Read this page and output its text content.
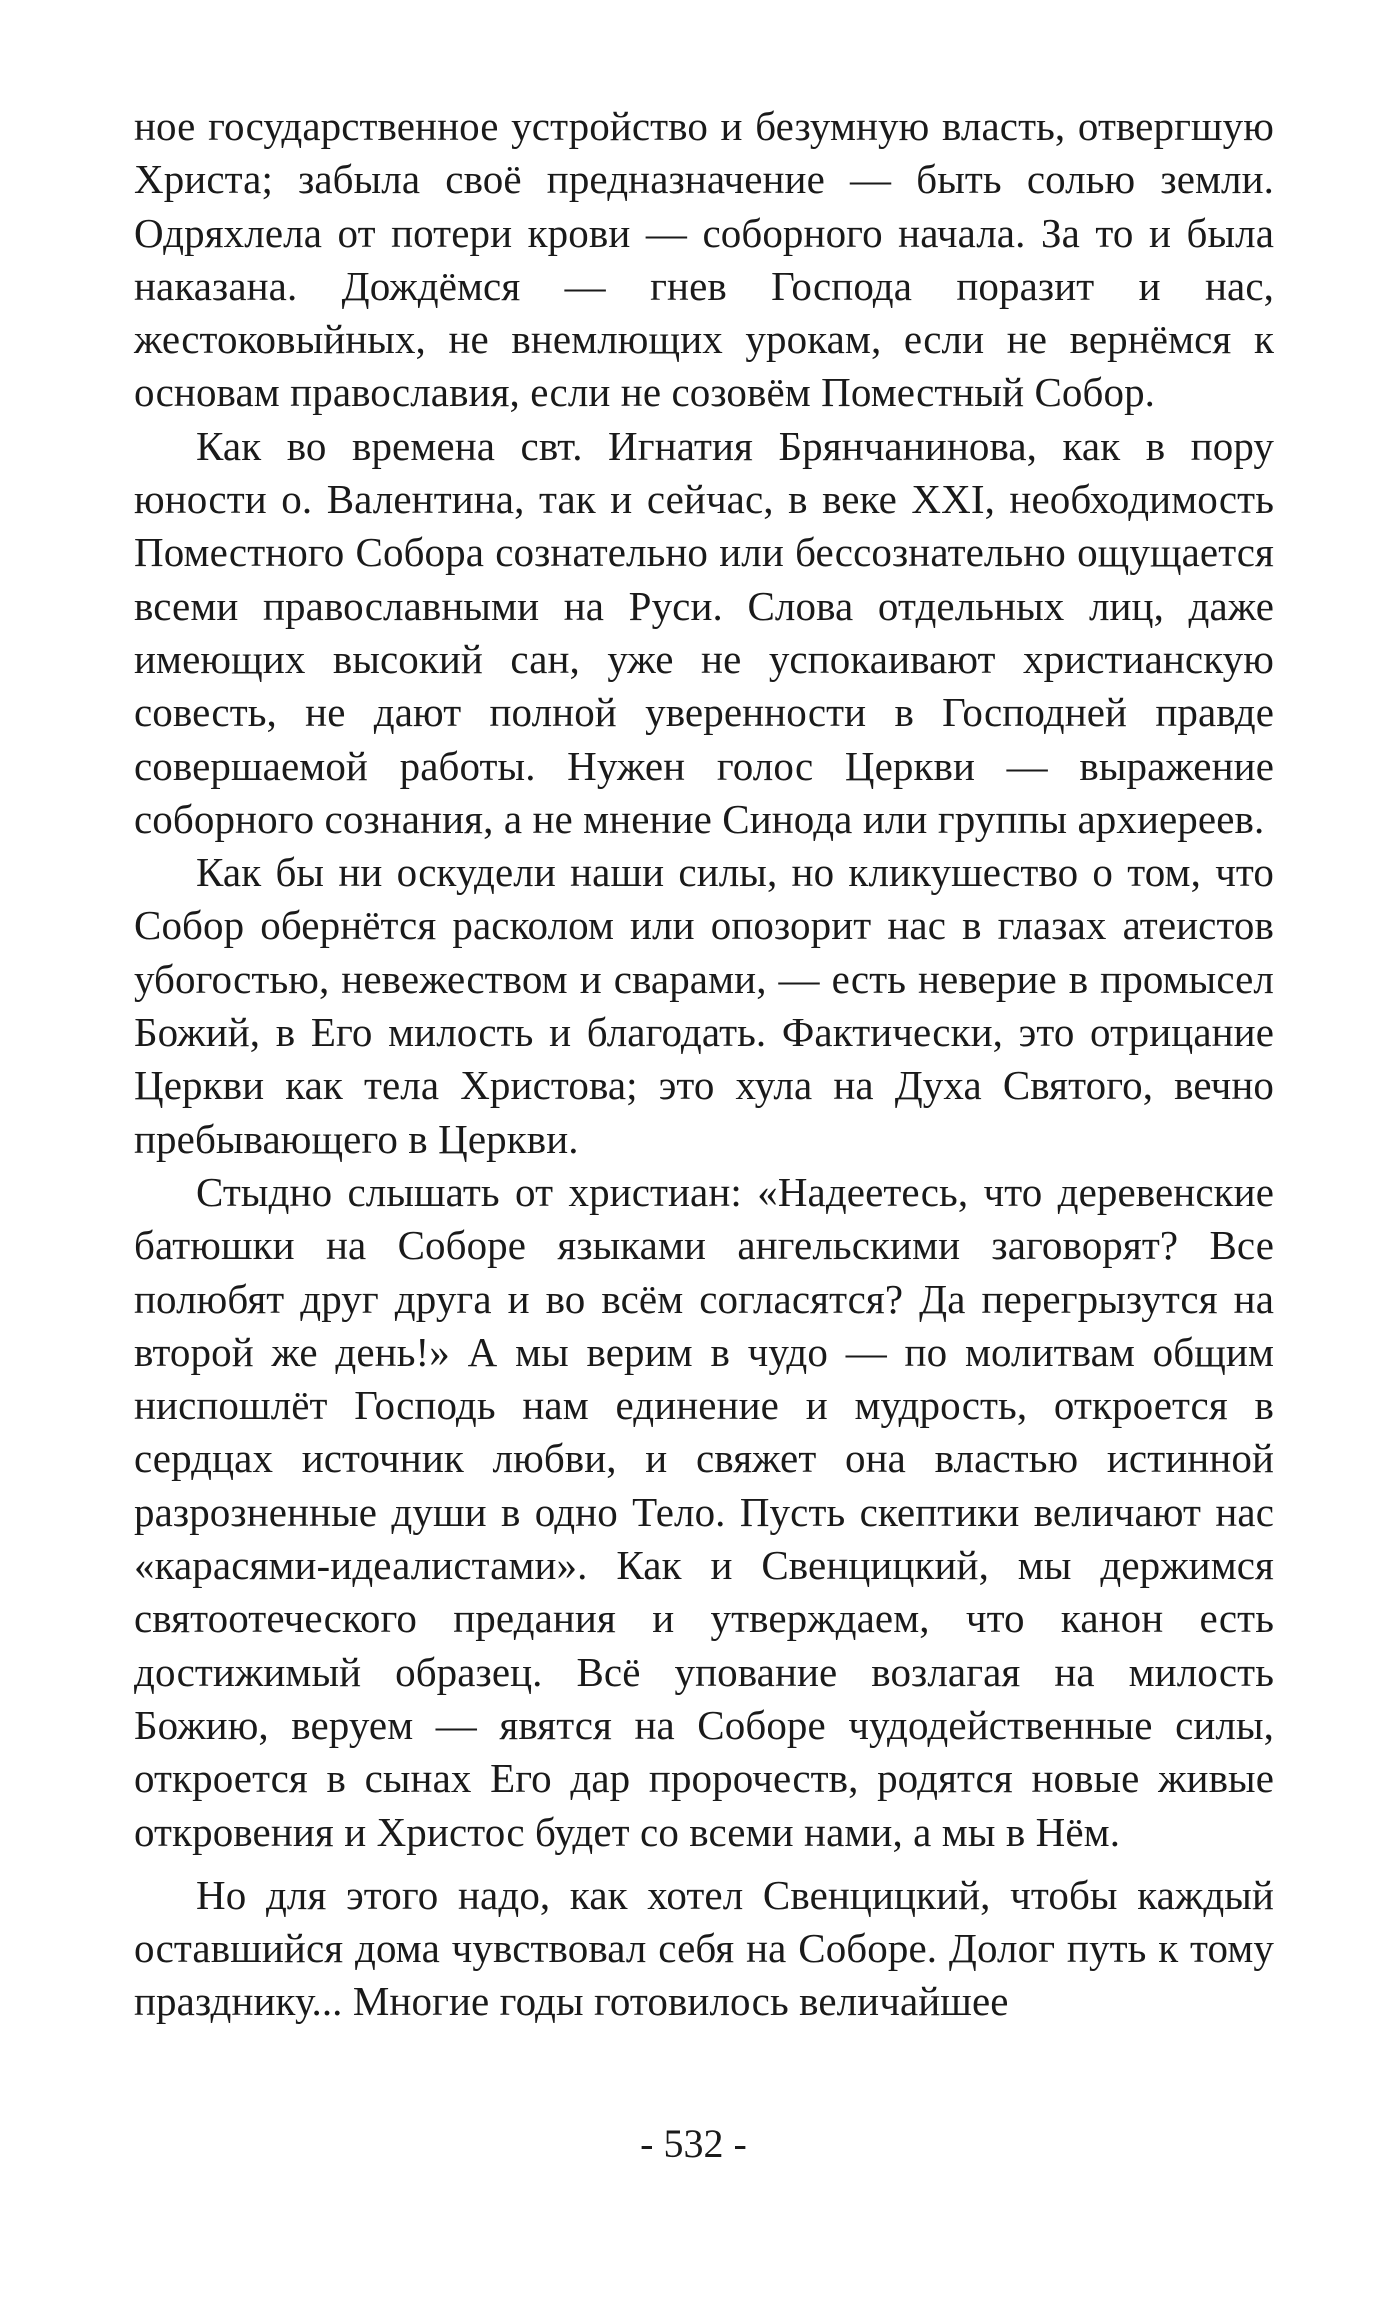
ное государственное устройство и безумную власть, отвергшую Христа; забыла своё предназначение — быть солью земли. Одряхлела от потери крови — соборного начала. За то и была наказана. Дождёмся — гнев Господа поразит и нас, жестоковыйных, не внемлющих урокам, если не вернёмся к основам православия, если не созовём Поместный Собор.

Как во времена свт. Игнатия Брянчанинова, как в пору юности о. Валентина, так и сейчас, в веке XXI, необходимость Поместного Собора сознательно или бессознательно ощущается всеми православными на Руси. Слова отдельных лиц, даже имеющих высокий сан, уже не успокаивают христианскую совесть, не дают полной уверенности в Господней правде совершаемой работы. Нужен голос Церкви — выражение соборного сознания, а не мнение Синода или группы архиереев.

Как бы ни оскудели наши силы, но кликушество о том, что Собор обернётся расколом или опозорит нас в глазах атеистов убогостью, невежеством и сварами, — есть неверие в промысел Божий, в Его милость и благодать. Фактически, это отрицание Церкви как тела Христова; это хула на Духа Святого, вечно пребывающего в Церкви.

Стыдно слышать от христиан: «Надеетесь, что деревенские батюшки на Соборе языками ангельскими заговорят? Все полюбят друг друга и во всём согласятся? Да перегрызутся на второй же день!» А мы верим в чудо — по молитвам общим ниспошлёт Господь нам единение и мудрость, откроется в сердцах источник любви, и свяжет она властью истинной разрозненные души в одно Тело. Пусть скептики величают нас «карасями-идеалистами». Как и Свенцицкий, мы держимся святоотеческого предания и утверждаем, что канон есть достижимый образец. Всё упование возлагая на милость Божию, веруем — явятся на Соборе чудодейственные силы, откроется в сынах Его дар пророчеств, родятся новые живые откровения и Христос будет со всеми нами, а мы в Нём.

Но для этого надо, как хотел Свенцицкий, чтобы каждый оставшийся дома чувствовал себя на Соборе. Долог путь к тому празднику... Многие годы готовилось величайшее

- 532 -
